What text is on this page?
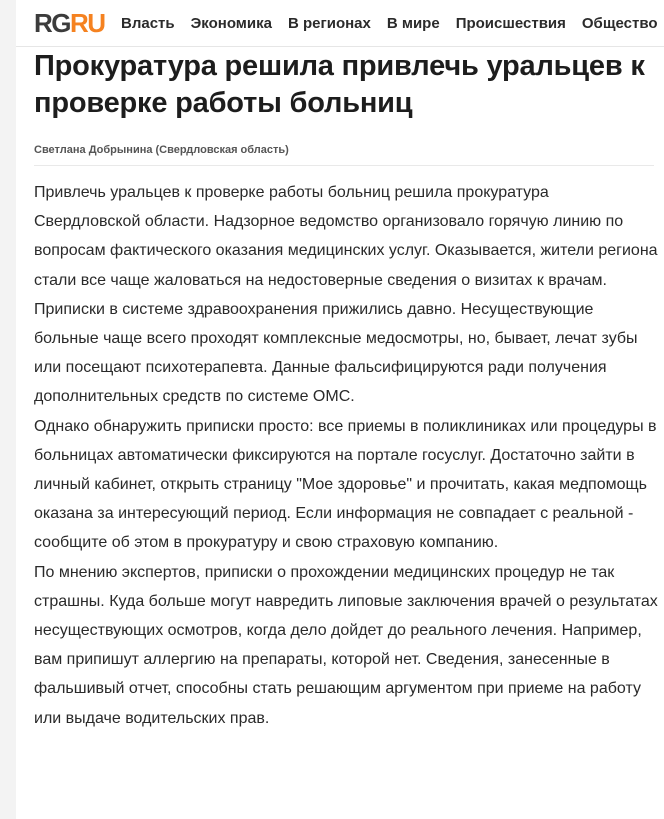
RGRU Власть Экономика В регионах В мире Происшествия Общество
Прокуратура решила привлечь уральцев к проверке работы больниц
Светлана Добрынина (Свердловская область)

Привлечь уральцев к проверке работы больниц решила прокуратура Свердловской области. Надзорное ведомство организовало горячую линию по вопросам фактического оказания медицинских услуг. Оказывается, жители региона стали все чаще жаловаться на недостоверные сведения о визитах к врачам.

Приписки в системе здравоохранения прижились давно. Несуществующие больные чаще всего проходят комплексные медосмотры, но, бывает, лечат зубы или посещают психотерапевта. Данные фальсифицируются ради получения дополнительных средств по системе ОМС.

Однако обнаружить приписки просто: все приемы в поликлиниках или процедуры в больницах автоматически фиксируются на портале госуслуг. Достаточно зайти в личный кабинет, открыть страницу "Мое здоровье" и прочитать, какая медпомощь оказана за интересующий период. Если информация не совпадает с реальной - сообщите об этом в прокуратуру и свою страховую компанию.

По мнению экспертов, приписки о прохождении медицинских процедур не так страшны. Куда больше могут навредить липовые заключения врачей о результатах несуществующих осмотров, когда дело дойдет до реального лечения. Например, вам припишут аллергию на препараты, которой нет. Сведения, занесенные в фальшивый отчет, способны стать решающим аргументом при приеме на работу или выдаче водительских прав.
